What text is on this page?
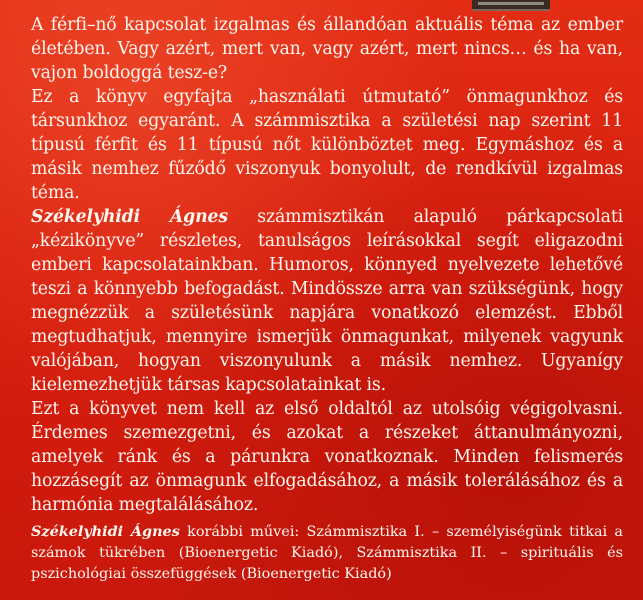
A férfi–nő kapcsolat izgalmas és állandóan aktuális téma az ember életében. Vagy azért, mert van, vagy azért, mert nincs… és ha van, vajon boldoggá tesz-e?

Ez a könyv egyfajta „használati útmutató” önmagunkhoz és társunkhoz egyaránt. A számmisztika a születési nap szerint 11 típusú férfit és 11 típusú nőt különböztet meg. Egymáshoz és a másik nemhez fűződő viszonyuk bonyolult, de rendkívül izgalmas téma.

Székelyhidi Ágnes számmisztikán alapuló párkapcsolati „kézikönyve” részletes, tanulságos leírásokkal segít eligazodni emberi kapcsolatainkban. Humoros, könnyed nyelvezete lehetővé teszi a könnyebb befogadást. Mindössze arra van szükségünk, hogy megnézzük a születésünk napjára vonatkozó elemzést. Ebből megtudhatjuk, mennyire ismerjük önmagunkat, milyenek vagyunk valójában, hogyan viszonyulunk a másik nemhez. Ugyanígy kielemezhetjük társas kapcsolatainkat is.

Ezt a könyvet nem kell az első oldaltól az utolsóig végigolvasni. Érdemes szemezgetni, és azokat a részeket áttanulmányozni, amelyek ránk és a párunkra vonatkoznak. Minden felismerés hozzásegít az önmagunk elfogadásához, a másik tolerálásához és a harmónia megtalálásához.

Székelyhidi Ágnes korábbi művei: Számmisztika I. – személyiségünk titkai a számok tükrében (Bioenergetic Kiadó), Számmisztika II. – spirituális és pszichológiai összefüggések (Bioenergetic Kiadó)
